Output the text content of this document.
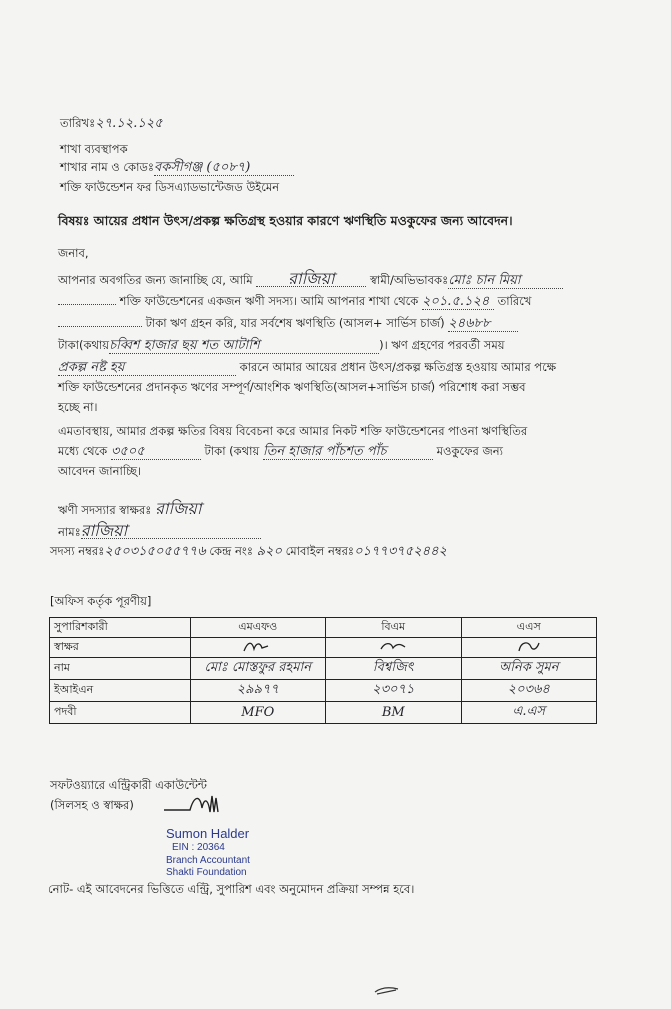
তারিখঃ২৭.১২.১২৫
শাখা ব্যবস্থাপক
শাখার নাম ও কোডঃবকসীগঞ্জ (৫০৮৭)
শক্তি ফাউন্ডেশন ফর ডিসএ্যাডভান্টেজড উইমেন
বিষয়ঃ আয়ের প্রধান উৎস/প্রকল্প ক্ষতিগ্রস্থ হওয়ার কারণে ঋণস্থিতি মওকুফের জন্য আবেদন।
জনাব,
আপনার অবগতির জন্য জানাচ্ছি যে, আমি রাজিয়া	স্বামী/অভিভাবকঃমোঃ চান মিয়া
শক্তি ফাউন্ডেশনের একজন ঋণী সদস্য। আমি আপনার শাখা থেকে ২০১.৫.১২৪ তারিখে
টাকা ঋণ গ্রহন করি, যার সর্বশেষ ঋণস্থিতি (আসল+ সার্ভিস চার্জ) ২৪৬৮৮
টাকা(কথায়চব্বিশ হাজার ছয় শত আটাশি	)। ঋণ গ্রহণের পরবর্তী সময়
প্রকল্প নষ্ট হয়	কারনে আমার আয়ের প্রধান উৎস/প্রকল্প ক্ষতিগ্রস্ত হওয়ায় আমার পক্ষে
শক্তি ফাউন্ডেশনের প্রদানকৃত ঋণের সম্পূর্ণ/আংশিক ঋণস্থিতি(আসল+সার্ভিস চার্জ) পরিশোধ করা সম্ভব
হচ্ছে না।
এমতাবস্থায়, আমার প্রকল্প ক্ষতির বিষয় বিবেচনা করে আমার নিকট শক্তি ফাউন্ডেশনের পাওনা ঋণস্থিতির
মধ্যে থেকে ৩৫০৫	টাকা (কথায় তিন হাজার পাঁচশত পাঁচ	মওকুফের জন্য
আবেদন জানাচ্ছি।
ঋণী সদস্যার স্বাক্ষরঃ রাজিয়া
নামঃরাজিয়া
সদস্য নম্বরঃ২৫০৩১৫০৫৫৭৭৬ কেন্দ্র নংঃ ৯২০ মোবাইল নম্বরঃ০১৭৭৩৭৫২৪৪২
[অফিস কর্তৃক পূরণীয়]
সুপারিশকারী	এমএফও	বিএম	এএস
স্বাক্ষর			
নাম	মোঃ মোস্তফুর রহমান	বিশ্বজিৎ	অনিক সুমন
ইআইএন	২৯৯৭৭	২৩০৭১	২০৩৬৪
পদবী	MFO	BM	এ.এস
সফটওয়্যারে এন্ট্রিকারী একাউন্টেন্ট
(সিলসহ ও স্বাক্ষর)
Sumon Halder
EIN : 20364
Branch Accountant
Shakti Foundation
নোট- এই আবেদনের ভিত্তিতে এন্ট্রি, সুপারিশ এবং অনুমোদন প্রক্রিয়া সম্পন্ন হবে।
